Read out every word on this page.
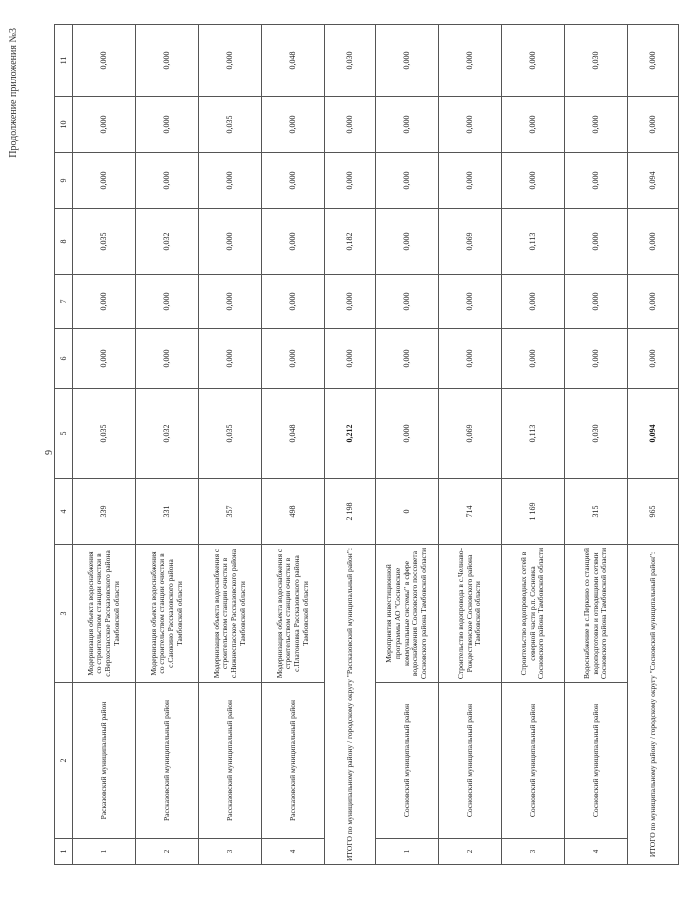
9
Продолжение приложения №3
1	2	3	4	5	6	7	8	9	10	11
1	Расказовский муниципальный район	Модернизация объекта водоснабжения со строительством станции очистки в с.Верхоспасское Рассказовского района Тамбовской области	339	0,035	0,000	0,000	0,035	0,000	0,000	0,000
2	Рассказовский муниципальный район	Модернизация объекта водоснабжения со строительством станции очистки в с.Саюкино Рассказовского района Тамбовской области	331	0,032	0,000	0,000	0,032	0,000	0,000	0,000
3	Рассказовский муниципальный район	Модернизация объекта водоснабжения с строительством станции очистки в с.Нижнеспасское Рассказовского района Тамбовской области	357	0,035	0,000	0,000	0,000	0,000	0,035	0,000
4	Рассказовский муниципальный район	Модернизация объекта водоснабжения с строительством станции очистки в с.Платоновка Рассказовского района Тамбовской области	498	0,048	0,000	0,000	0,000	0,000	0,000	0,048
ИТОГО по муниципальному району / городскому округу "Рассказовский муниципальный район":			2 198	0,212	0,000	0,000	0,182	0,000	0,000	0,030
1	Сосновский муниципальный район	Мероприятия инвестиционной программы АО "Сосновские коммунальные системы" в сфере водоснабжения Сосновского поссовета Сосновского района Тамбовской области	0	0,000	0,000	0,000	0,000	0,000	0,000	0,000
2	Сосновский муниципальный район	Строительство водопровода в с.Челнавo-Рождественское Сосновского района Тамбовской области	714	0,069	0,000	0,000	0,069	0,000	0,000	0,000
3	Сосновский муниципальный район	Строительство водопроводных сетей в северной части р.п. Сосновка Сосновского района Тамбовской области	1 169	0,113	0,000	0,000	0,113	0,000	0,000	0,000
4	Сосновский муниципальный район	Водоснабжение в с.Перкино со станцией водоподготовки и отводящими сетями Сосновского района Тамбовской области	315	0,030	0,000	0,000	0,000	0,000	0,000	0,030
ИТОГО по муниципальному району / городскому округу "Сосновский муниципальный район":			965	0,094	0,000	0,000	0,000	0,094	0,000	0,000
